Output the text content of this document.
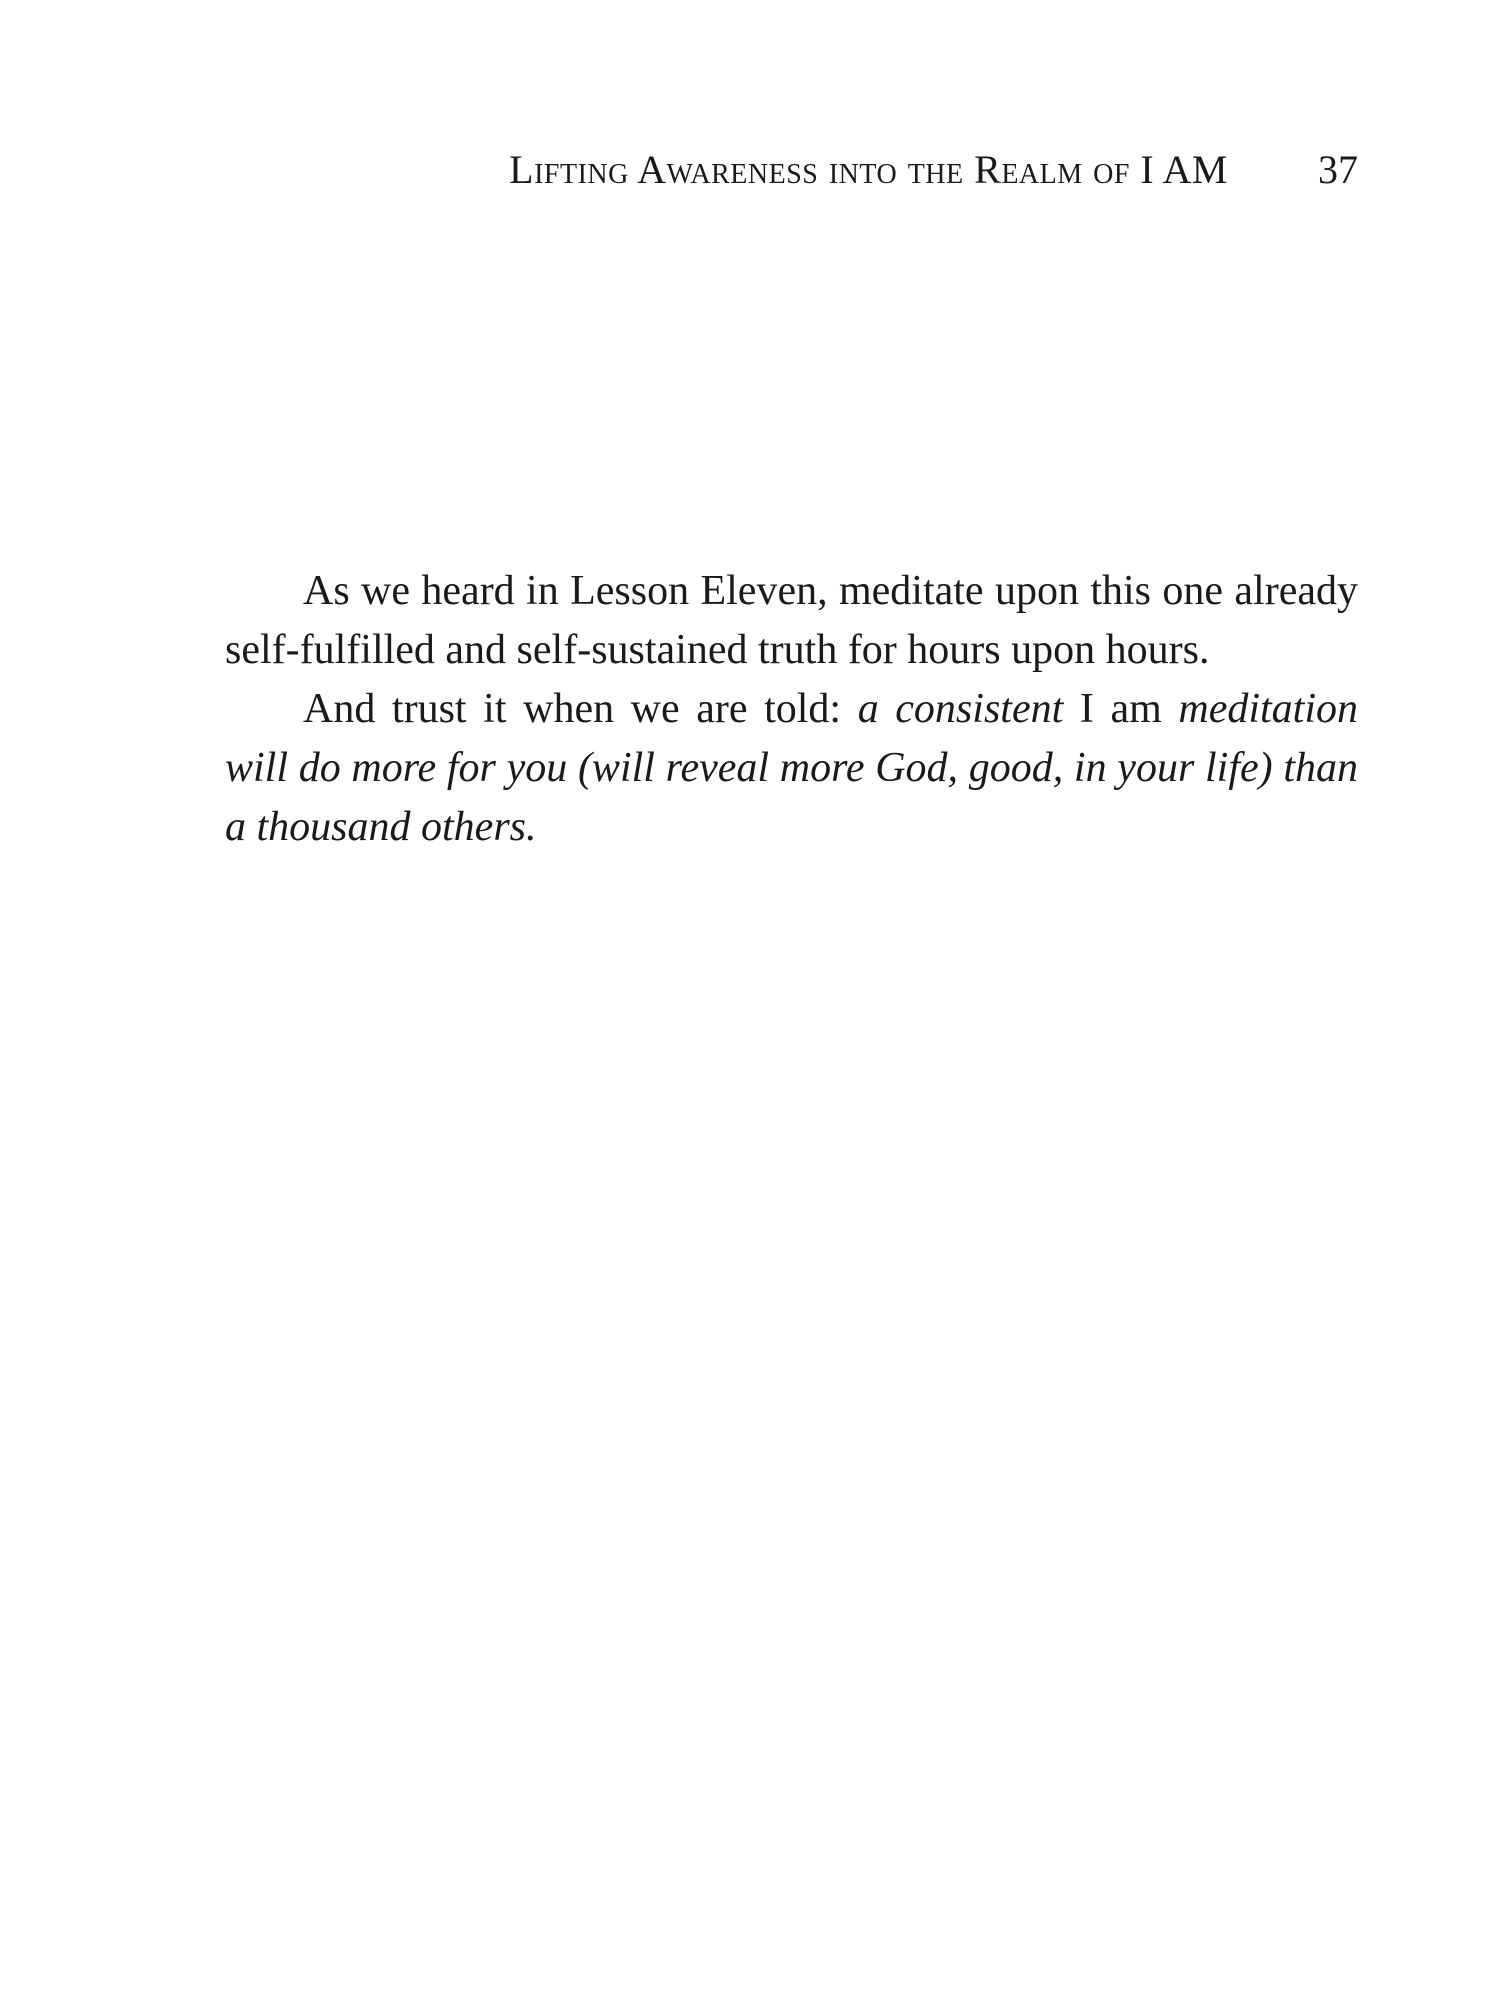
Lifting Awareness into the Realm of I AM 37

As we heard in Lesson Eleven, meditate upon this one already self-fulfilled and self-sustained truth for hours upon hours.

And trust it when we are told: a consistent I am meditation will do more for you (will reveal more God, good, in your life) than a thousand others.
